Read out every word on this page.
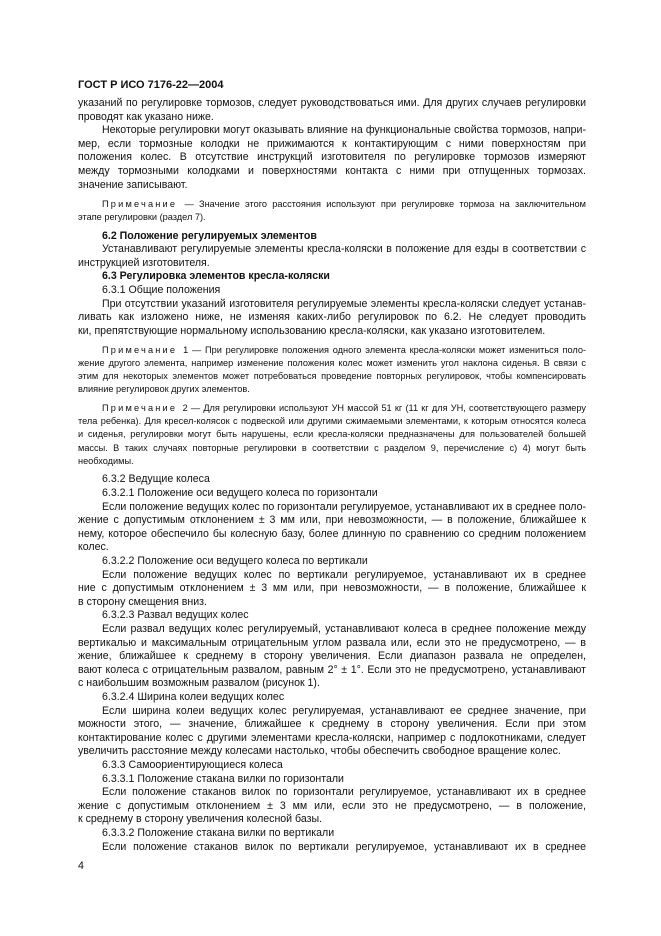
ГОСТ Р ИСО 7176-22—2004
указаний по регулировке тормозов, следует руководствоваться ими. Для других случаев регулировки
проводят как указано ниже.
Некоторые регулировки могут оказывать влияние на функциональные свойства тормозов, напри-
мер, если тормозные колодки не прижимаются к контактирующим с ними поверхностям при
положения колес. В отсутствие инструкций изготовителя по регулировке тормозов измеряют
между тормозными колодками и поверхностями контакта с ними при отпущенных тормозах.
значение записывают.
Примечание — Значение этого расстояния используют при регулировке тормоза на заключительном
этапе регулировки (раздел 7).
6.2 Положение регулируемых элементов
Устанавливают регулируемые элементы кресла-коляски в положение для езды в соответствии с
инструкцией изготовителя.
6.3 Регулировка элементов кресла-коляски
6.3.1 Общие положения
При отсутствии указаний изготовителя регулируемые элементы кресла-коляски следует устанав-
ливать как изложено ниже, не изменяя каких-либо регулировок по 6.2. Не следует проводить
ки, препятствующие нормальному использованию кресла-коляски, как указано изготовителем.
Примечание 1 — При регулировке положения одного элемента кресла-коляски может измениться поло-
жение другого элемента, например изменение положения колес может изменить угол наклона сиденья. В связи с
этим для некоторых элементов может потребоваться проведение повторных регулировок, чтобы компенсировать
влияние регулировок других элементов.
Примечание 2 — Для регулировки используют УН массой 51 кг (11 кг для УН, соответствующего размеру
тела ребенка). Для кресел-колясок с подвеской или другими сжимаемыми элементами, к которым относятся колеса
и сиденья, регулировки могут быть нарушены, если кресла-коляски предназначены для пользователей большей
массы. В таких случаях повторные регулировки в соответствии с разделом 9, перечисление с) 4) могут быть
необходимы.
6.3.2 Ведущие колеса
6.3.2.1 Положение оси ведущего колеса по горизонтали
Если положение ведущих колес по горизонтали регулируемое, устанавливают их в среднее поло-
жение с допустимым отклонением ± 3 мм или, при невозможности, — в положение, ближайшее к
нему, которое обеспечило бы колесную базу, более длинную по сравнению со средним положением
колес.
6.3.2.2 Положение оси ведущего колеса по вертикали
Если положение ведущих колес по вертикали регулируемое, устанавливают их в среднее
ние с допустимым отклонением ± 3 мм или, при невозможности, — в положение, ближайшее к
в сторону смещения вниз.
6.3.2.3 Развал ведущих колес
Если развал ведущих колес регулируемый, устанавливают колеса в среднее положение между
вертикалью и максимальным отрицательным углом развала или, если это не предусмотрено, — в
жение, ближайшее к среднему в сторону увеличения. Если диапазон развала не определен,
вают колеса с отрицательным развалом, равным 2° ± 1°. Если это не предусмотрено, устанавливают
с наибольшим возможным развалом (рисунок 1).
6.3.2.4 Ширина колеи ведущих колес
Если ширина колеи ведущих колес регулируемая, устанавливают ее среднее значение, при
можности этого, — значение, ближайшее к среднему в сторону увеличения. Если при этом
контактирование колес с другими элементами кресла-коляски, например с подлокотниками, следует
увеличить расстояние между колесами настолько, чтобы обеспечить свободное вращение колес.
6.3.3 Самоориентирующиеся колеса
6.3.3.1 Положение стакана вилки по горизонтали
Если положение стаканов вилок по горизонтали регулируемое, устанавливают их в среднее
жение с допустимым отклонением ± 3 мм или, если это не предусмотрено, — в положение,
к среднему в сторону увеличения колесной базы.
6.3.3.2 Положение стакана вилки по вертикали
Если положение стаканов вилок по вертикали регулируемое, устанавливают их в среднее
4
